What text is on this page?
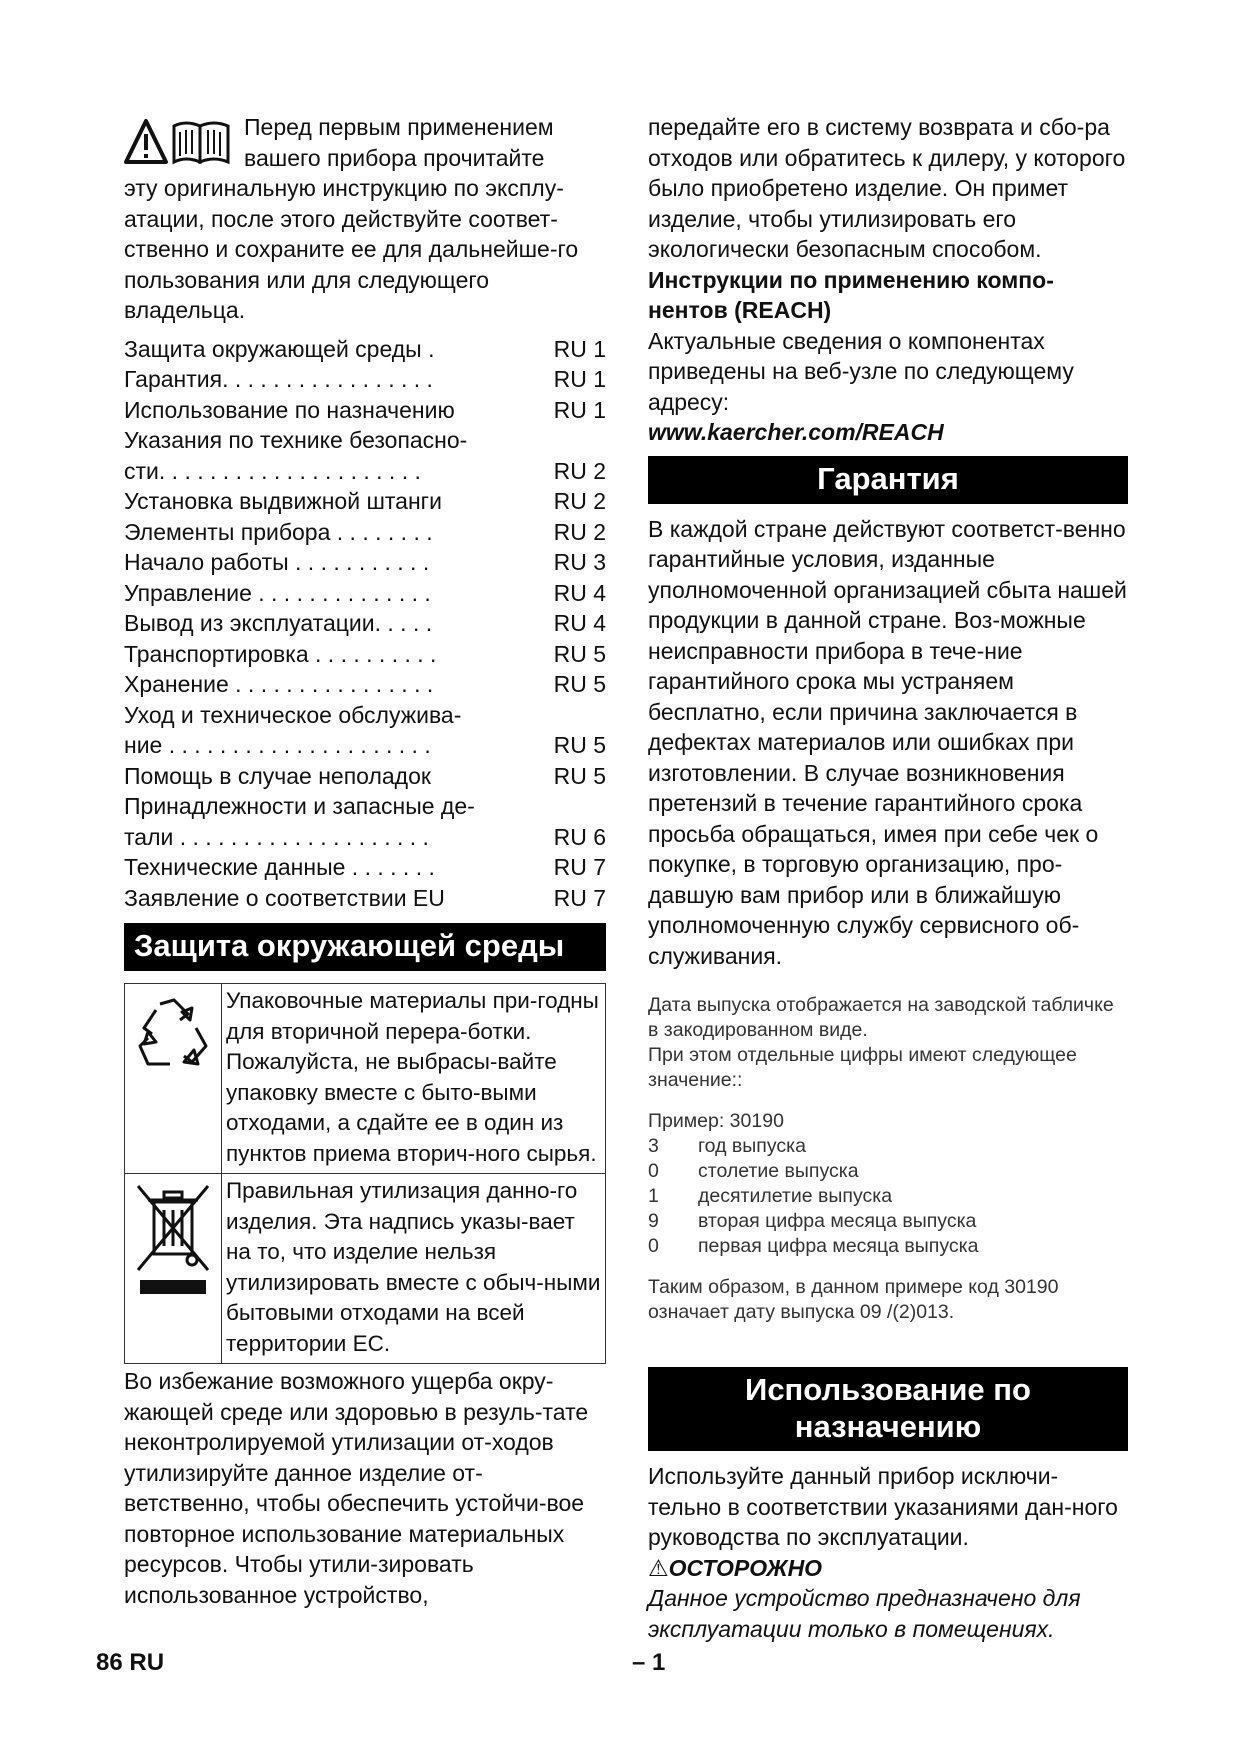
Перед первым применением

вашего прибора прочитайте

эту оригинальную инструкцию по эксплу-атации, после этого действуйте соответ-ственно и сохраните ее для дальнейше-го пользования или для следующего владельца.

Защита окружающей среды .	RU 1
Гарантия. . . . . . . . . . . . . . . . .	RU 1
Использование по назначению	RU 1
Указания по технике безопасно-
сти. . . . . . . . . . . . . . . . . . . . .	RU 2
Установка выдвижной штанги	RU 2
Элементы прибора . . . . . . . .	RU 2
Начало работы . . . . . . . . . . .	RU 3
Управление . . . . . . . . . . . . . .	RU 4
Вывод из эксплуатации. . . . .	RU 4
Транспортировка . . . . . . . . . .	RU 5
Хранение . . . . . . . . . . . . . . . .	RU 5
Уход и техническое обслужива-
ние . . . . . . . . . . . . . . . . . . . . .	RU 5
Помощь в случае неполадок	RU 5
Принадлежности и запасные де-
тали . . . . . . . . . . . . . . . . . . . .	RU 6
Технические данные . . . . . . .	RU 7
Заявление о соответствии EU	RU 7
Защита окружающей среды
	Упаковочные материалы при-годны для вторичной перера-ботки. Пожалуйста, не выбрасы-вайте упаковку вместе с быто-выми отходами, а сдайте ее в один из пунктов приема вторич-ного сырья.
	Правильная утилизация данно-го изделия. Эта надпись указы-вает на то, что изделие нельзя утилизировать вместе с обыч-ными бытовыми отходами на всей территории ЕС.

Во избежание возможного ущерба окру-жающей среде или здоровью в резуль-тате неконтролируемой утилизации от-ходов утилизируйте данное изделие от-ветственно, чтобы обеспечить устойчи-вое повторное использование материальных ресурсов. Чтобы утили-зировать использованное устройство,

передайте его в систему возврата и сбо-ра отходов или обратитесь к дилеру, у которого было приобретено изделие. Он примет изделие, чтобы утилизировать его экологически безопасным способом.

Инструкции по применению компо-нентов (REACH)

Актуальные сведения о компонентах приведены на веб-узле по следующему адресу:

www.kaercher.com/REACH

Гарантия

В каждой стране действуют соответст-венно гарантийные условия, изданные уполномоченной организацией сбыта нашей продукции в данной стране. Воз-можные неисправности прибора в тече-ние гарантийного срока мы устраняем бесплатно, если причина заключается в дефектах материалов или ошибках при изготовлении. В случае возникновения претензий в течение гарантийного срока просьба обращаться, имея при себе чек о покупке, в торговую организацию, про-давшую вам прибор или в ближайшую уполномоченную службу сервисного об-служивания.

Дата выпуска отображается на заводской табличке в закодированном виде.

При этом отдельные цифры имеют следующее значение::

Пример: 30190

3	год выпуска
0	столетие выпуска
1	десятилетие выпуска
9	вторая цифра месяца выпуска
0	первая цифра месяца выпуска

Таким образом, в данном примере код 30190 означает дату выпуска 09 /(2)013.

Использование по
назначению

Используйте данный прибор исключи-тельно в соответствии указаниями дан-ного руководства по эксплуатации.

⚠ОСТОРОЖНО

Данное устройство предназначено для эксплуатации только в помещениях.

86 RU	– 1
